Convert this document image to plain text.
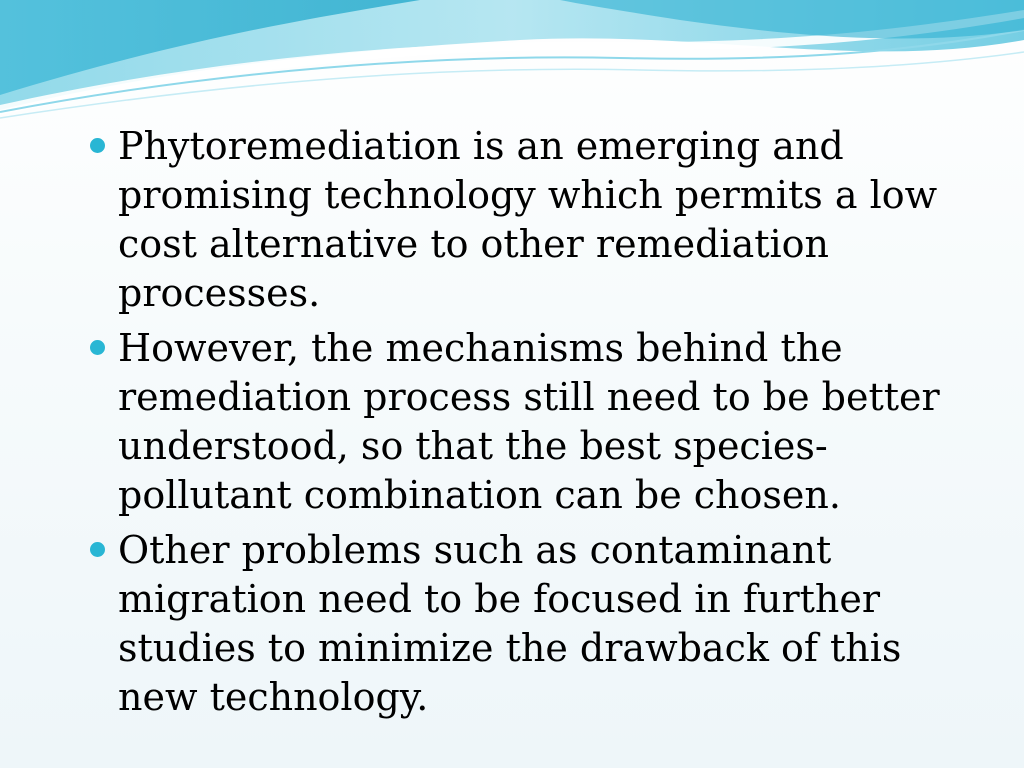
Phytoremediation is an emerging and promising technology which permits a low cost alternative to other remediation processes.
However, the mechanisms behind the remediation process still need to be better understood, so that the best species-pollutant combination can be chosen.
Other problems such as contaminant migration need to be focused in further studies to minimize the drawback of this new technology.
